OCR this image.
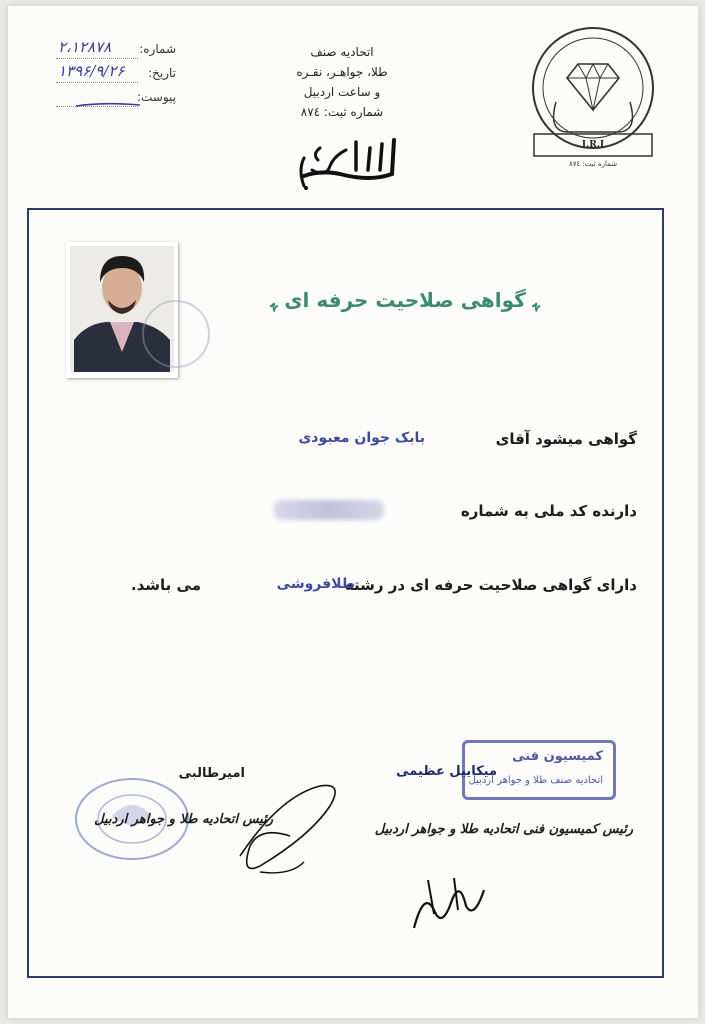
شماره:
۲،۱۲۸۷۸
تاریخ:
۱۳۹۶/۹/۲۶
پیوست:
اتحادیه صنف
طلا، جواهـر، نقـره
و ساعت اردبیل
شماره ثبت: ۸۷٤
I.R.I
شماره ثبت: ۸۷٤
ﮩ گواهی صلاحیت حرفه ای ﮩ
گواهی میشود آقای
بابک جوان معبودی
دارنده کد ملی به شماره
دارای گواهی صلاحیت حرفه ای در رشته
طلافروشی
می باشد.
کمیسیون فنی
اتحادیه صنف طلا و جواهر اردبیل
میکاییل عظیمی
رئیس کمیسیون فنی اتحادیه طلا و جواهر اردبیل
امیرطالبی
رئیس اتحادیه طلا و جواهر اردبیل
